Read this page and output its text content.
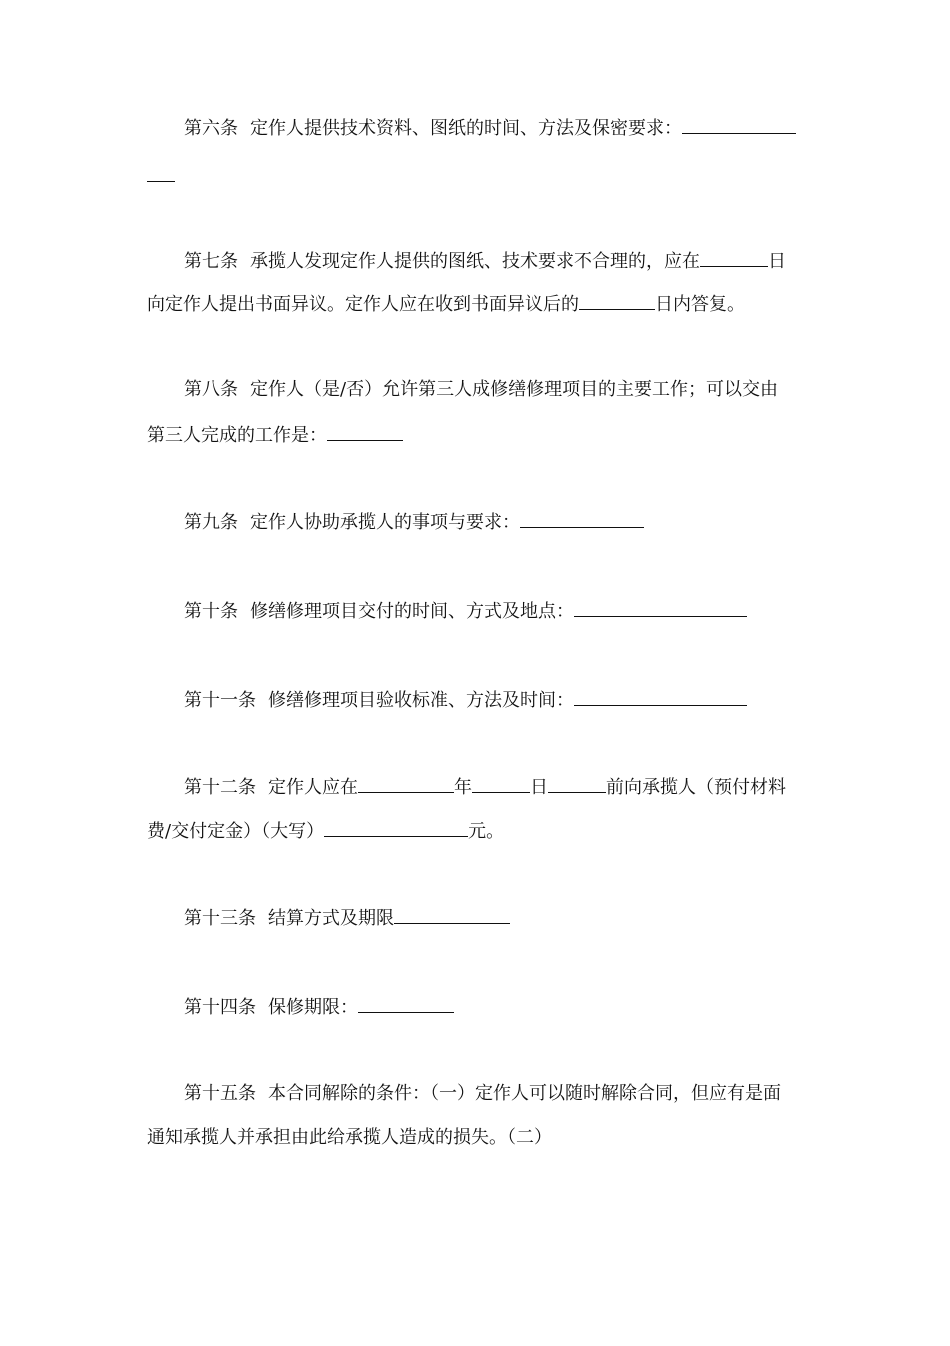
第六条 定作人提供技术资料、图纸的时间、方法及保密要求：
第七条 承揽人发现定作人提供的图纸、技术要求不合理的，应在	日
向定作人提出书面异议。定作人应在收到书面异议后的	日内答复。
第八条 定作人（是/否）允许第三人成修缮修理项目的主要工作；可以交由
第三人完成的工作是：
第九条 定作人协助承揽人的事项与要求：
第十条 修缮修理项目交付的时间、方式及地点：
第十一条 修缮修理项目验收标准、方法及时间：
第十二条 定作人应在	年	日	前向承揽人（预付材料
费/交付定金）（大写）	元。
第十三条 结算方式及期限
第十四条 保修期限：
第十五条 本合同解除的条件：（一）定作人可以随时解除合同，但应有是面
通知承揽人并承担由此给承揽人造成的损失。（二）
